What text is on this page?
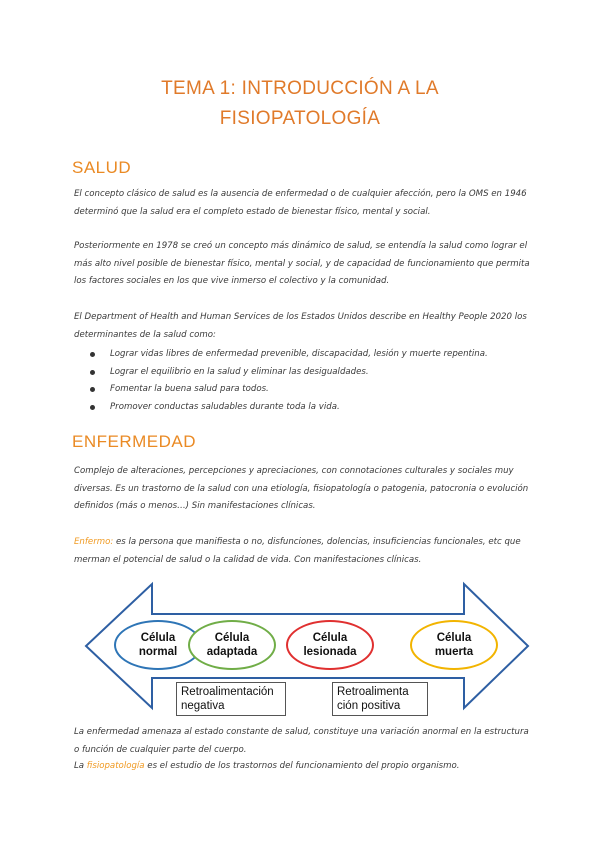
TEMA 1: INTRODUCCIÓN A LA
FISIOPATOLOGÍA
SALUD
El concepto clásico de salud es la ausencia de enfermedad o de cualquier afección, pero la OMS en 1946 determinó que la salud era el completo estado de bienestar físico, mental y social.
Posteriormente en 1978 se creó un concepto más dinámico de salud, se entendía la salud como lograr el más alto nivel posible de bienestar físico, mental y social, y de capacidad de funcionamiento que permita los factores sociales en los que vive inmerso el colectivo y la comunidad.
El Department of Health and Human Services de los Estados Unidos describe en Healthy People 2020 los determinantes de la salud como:
Lograr vidas libres de enfermedad prevenible, discapacidad, lesión y muerte repentina.
Lograr el equilibrio en la salud y eliminar las desigualdades.
Fomentar la buena salud para todos.
Promover conductas saludables durante toda la vida.
ENFERMEDAD
Complejo de alteraciones, percepciones y apreciaciones, con connotaciones culturales y sociales muy diversas. Es un trastorno de la salud con una etiología, fisiopatología o patogenia, patocronia o evolución definidos (más o menos…) Sin manifestaciones clínicas.
Enfermo: es la persona que manifiesta o no, disfunciones, dolencias, insuficiencias funcionales, etc que merman el potencial de salud o la calidad de vida. Con manifestaciones clínicas.
Célula
normal
Célula
adaptada
Célula
lesionada
Célula
muerta
Retroalimentación
negativa
Retroalimenta
ción positiva
La enfermedad amenaza al estado constante de salud, constituye una variación anormal en la estructura o función de cualquier parte del cuerpo.
La fisiopatología es el estudio de los trastornos del funcionamiento del propio organismo.
